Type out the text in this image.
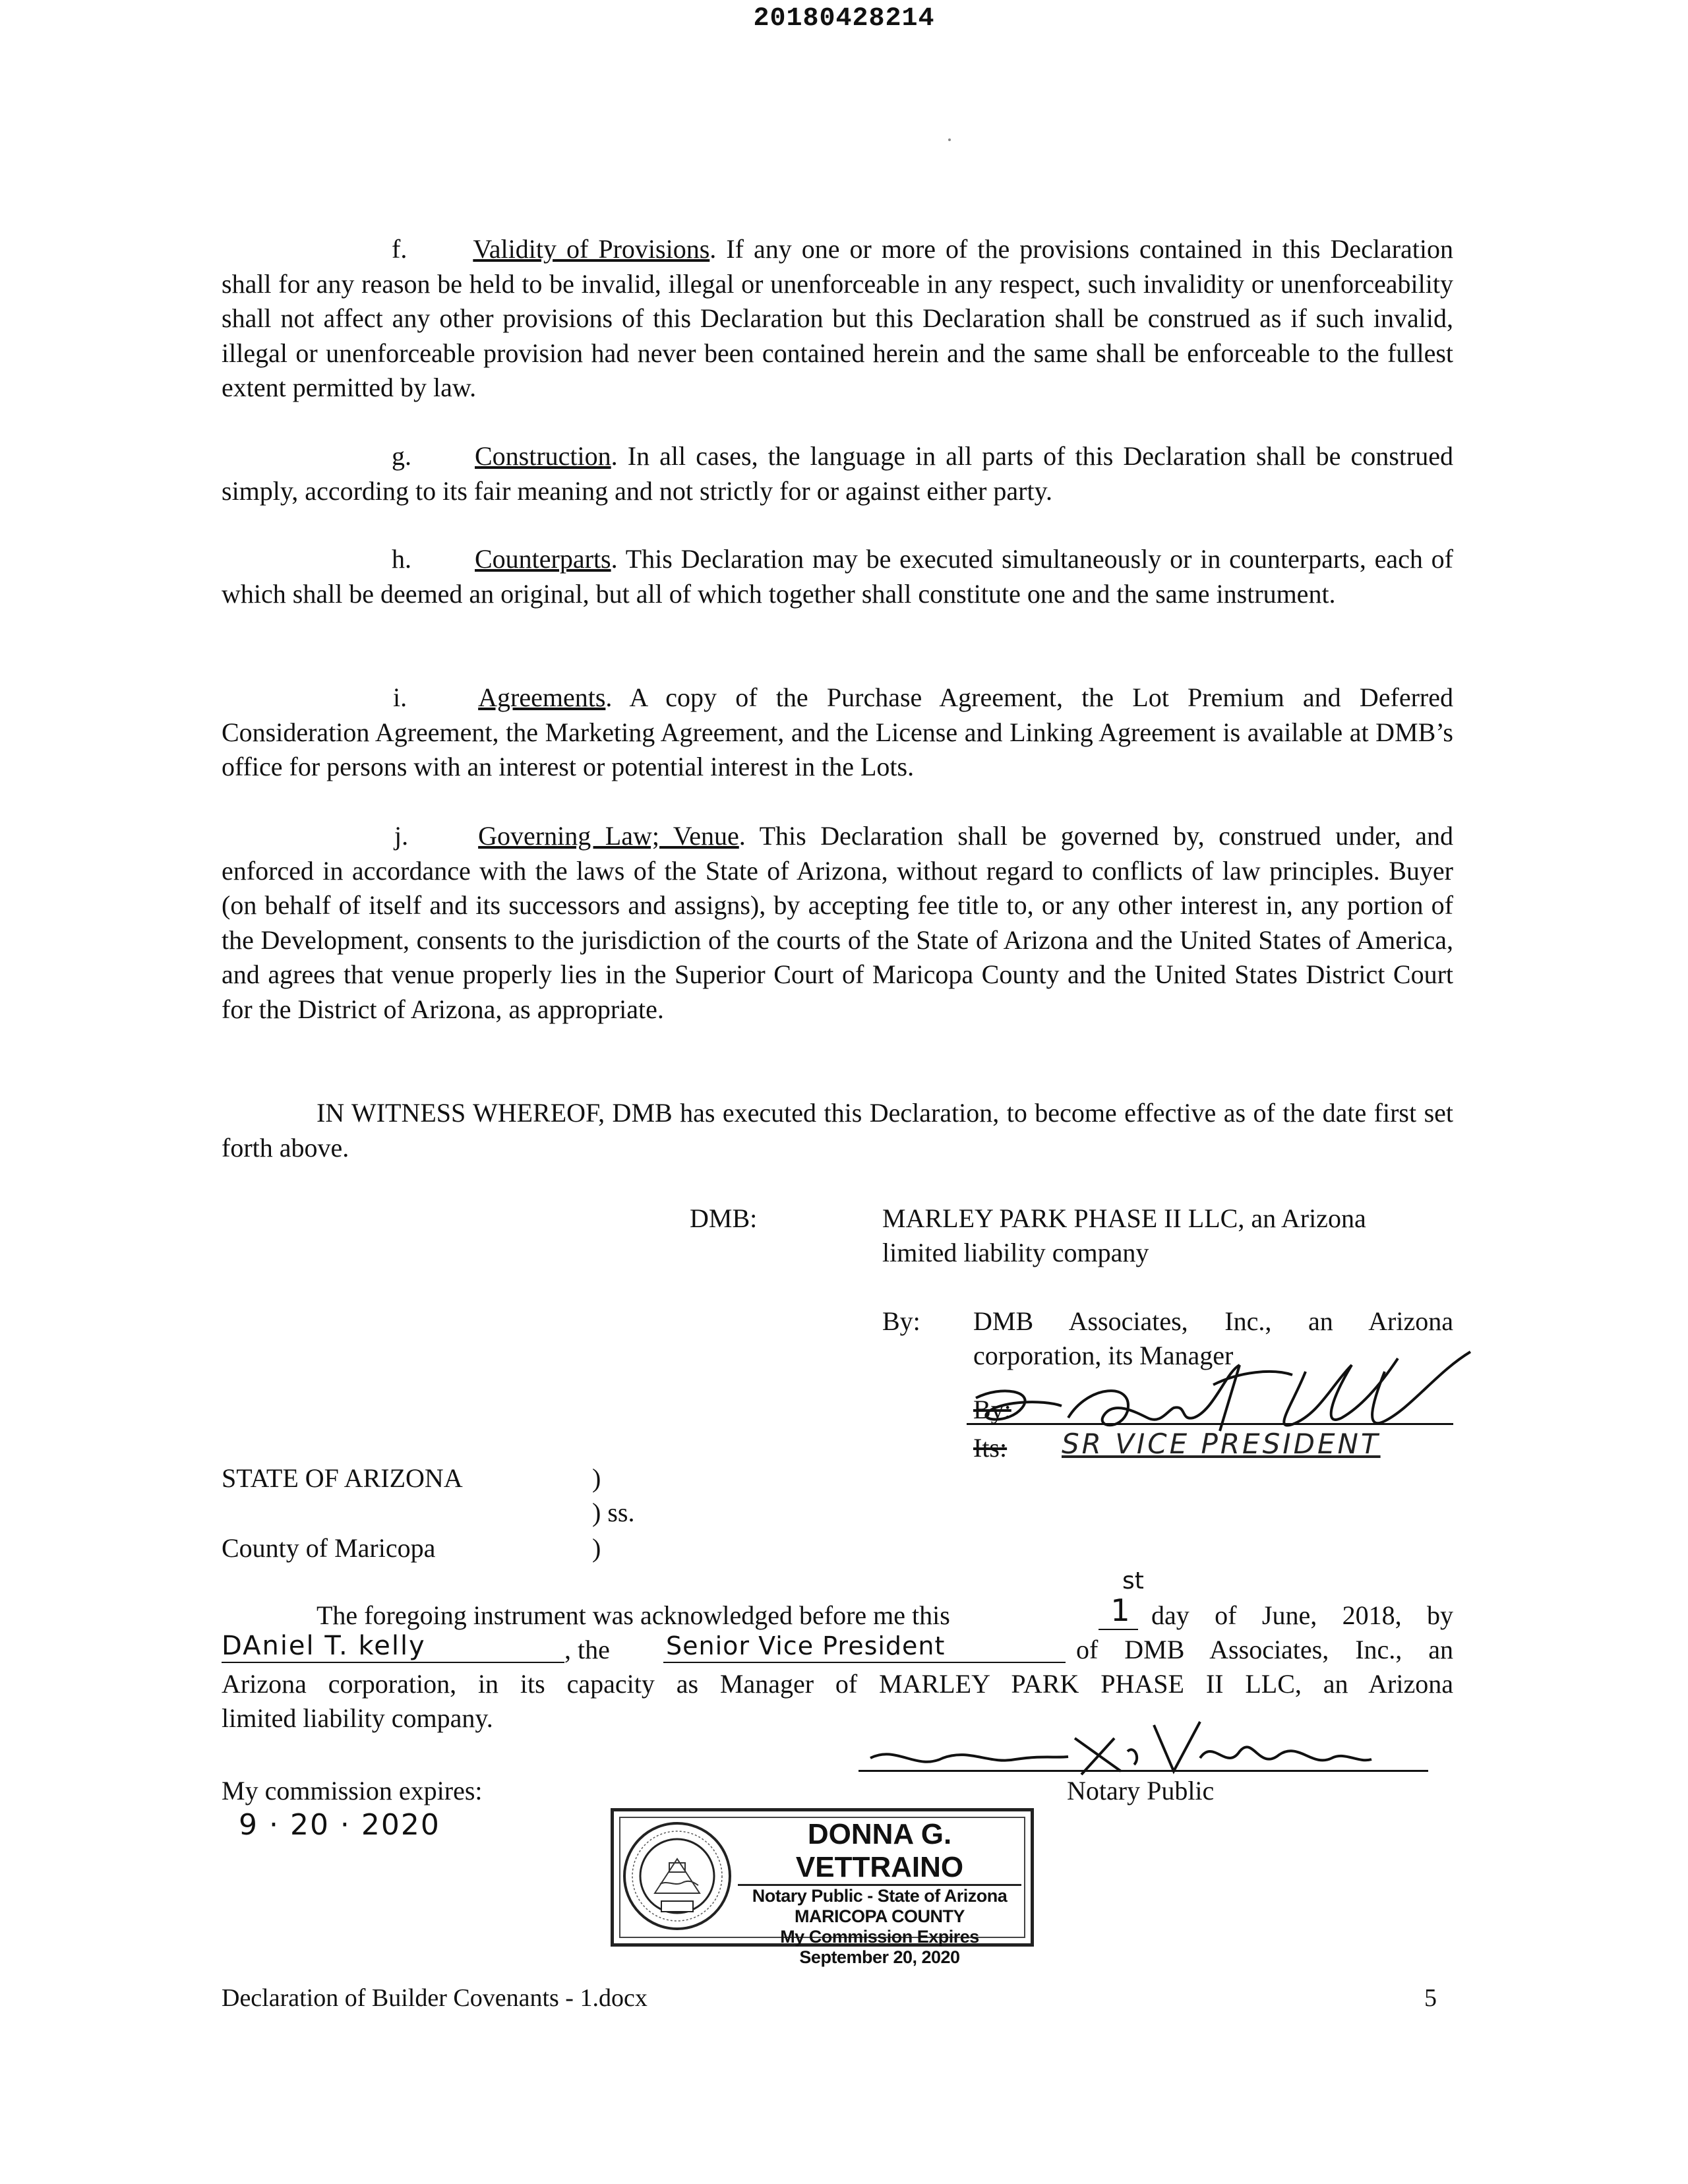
20180428214
f.	Validity of Provisions. If any one or more of the provisions contained in this Declaration shall for any reason be held to be invalid, illegal or unenforceable in any respect, such invalidity or unenforceability shall not affect any other provisions of this Declaration but this Declaration shall be construed as if such invalid, illegal or unenforceable provision had never been contained herein and the same shall be enforceable to the fullest extent permitted by law.
g. Construction. In all cases, the language in all parts of this Declaration shall be construed simply, according to its fair meaning and not strictly for or against either party.
h. Counterparts. This Declaration may be executed simultaneously or in counterparts, each of which shall be deemed an original, but all of which together shall constitute one and the same instrument.
i.	Agreements. A copy of the Purchase Agreement, the Lot Premium and Deferred Consideration Agreement, the Marketing Agreement, and the License and Linking Agreement is available at DMB’s office for persons with an interest or potential interest in the Lots.
j.	Governing Law; Venue. This Declaration shall be governed by, construed under, and enforced in accordance with the laws of the State of Arizona, without regard to conflicts of law principles. Buyer (on behalf of itself and its successors and assigns), by accepting fee title to, or any other interest in, any portion of the Development, consents to the jurisdiction of the courts of the State of Arizona and the United States of America, and agrees that venue properly lies in the Superior Court of Maricopa County and the United States District Court for the District of Arizona, as appropriate.
IN WITNESS WHEREOF, DMB has executed this Declaration, to become effective as of the date first set forth above.
DMB:	MARLEY PARK PHASE II LLC, an Arizona
limited liability company
By: DMB Associates, Inc., an Arizona
corporation, its Manager
By:
Its: SR VICE PRESIDENT
STATE OF ARIZONA	)
) ss.
County of Maricopa	)
The foregoing instrument was acknowledged before me this	1
st
day of June, 2018, by
DAniel T. kelly	, the Senior Vice President	of DMB Associates, Inc., an
Arizona corporation, in its capacity as Manager of MARLEY PARK PHASE II LLC, an Arizona
limited liability company.
Notary Public
My commission expires:
9 · 20 · 2020	DONNA G. VETTRAINO
Notary Public - State of Arizona
MARICOPA COUNTY
My Commission Expires
September 20, 2020
Declaration of Builder Covenants - 1.docx	5
